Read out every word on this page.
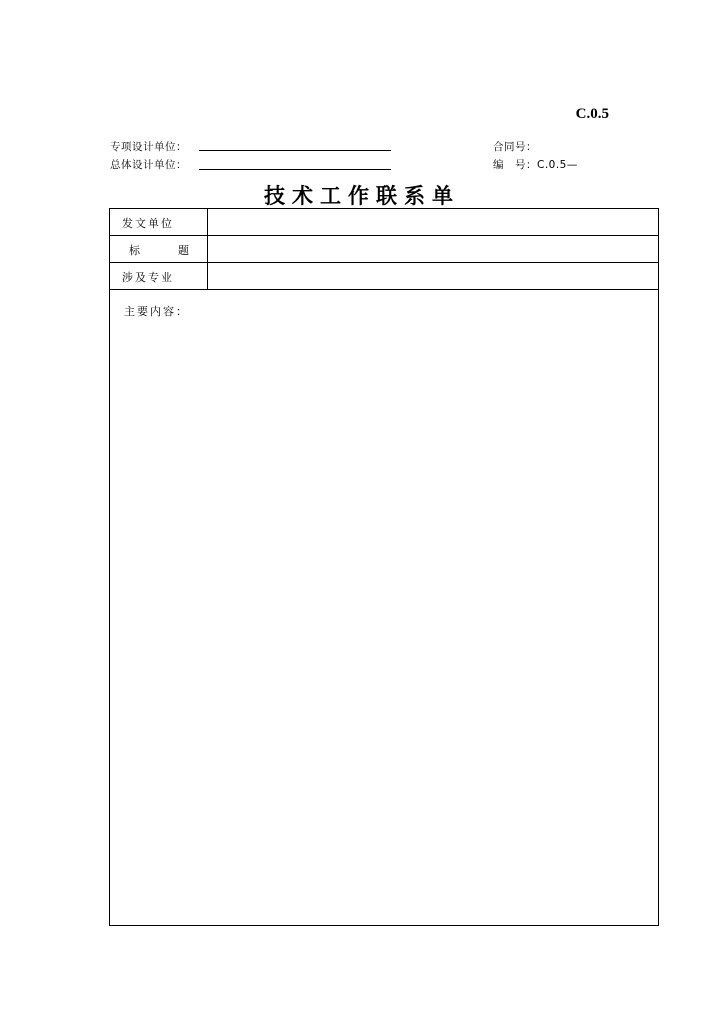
C.0.5
专项设计单位：
总体设计单位：
合同号：
编　号：C.0.5—
技术工作联系单
发文单位
标	题
涉及专业
主要内容：
